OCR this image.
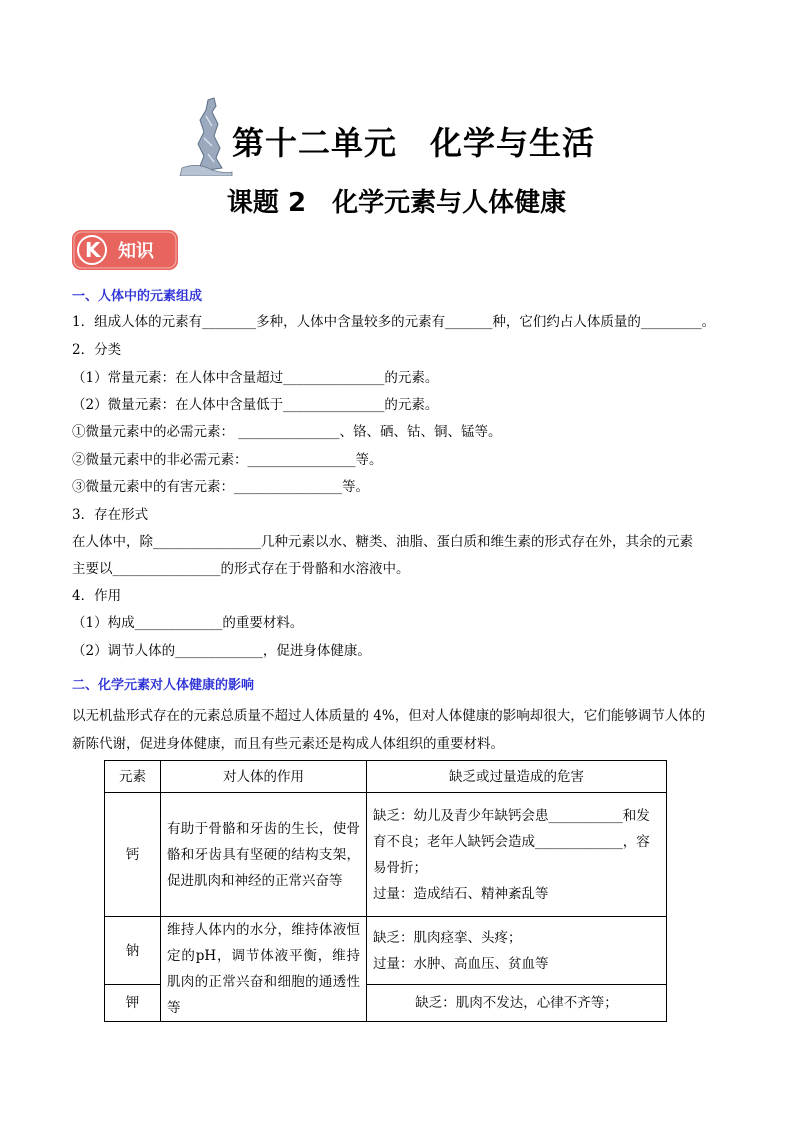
第十二单元　化学与生活
课题 2　化学元素与人体健康
K 知识
一、人体中的元素组成
1．组成人体的元素有________多种，人体中含量较多的元素有_______种，它们约占人体质量的_________。
2．分类
（1）常量元素：在人体中含量超过_______________的元素。
（2）微量元素：在人体中含量低于_______________的元素。
①微量元素中的必需元素： _______________、铬、硒、钴、铜、锰等。
②微量元素中的非必需元素：________________等。
③微量元素中的有害元素：________________等。
3．存在形式
在人体中，除________________几种元素以水、糖类、油脂、蛋白质和维生素的形式存在外，其余的元素
主要以________________的形式存在于骨骼和水溶液中。
4．作用
（1）构成_____________的重要材料。
（2）调节人体的_____________，促进身体健康。
二、化学元素对人体健康的影响
以无机盐形式存在的元素总质量不超过人体质量的 4%，但对人体健康的影响却很大，它们能够调节人体的
新陈代谢，促进身体健康，而且有些元素还是构成人体组织的重要材料。
元素	对人体的作用	缺乏或过量造成的危害
钙	有助于骨骼和牙齿的生长，使骨骼和牙齿具有坚硬的结构支架，促进肌肉和神经的正常兴奋等	缺乏：幼儿及青少年缺钙会患___________和发
育不良；老年人缺钙会造成_____________，容
易骨折；
过量：造成结石、精神紊乱等

钠	维持人体内的水分，维持体液恒定的pH，调节体液平衡，维持肌肉的正常兴奋和细胞的通透性等	缺乏：肌肉痉挛、头疼；
过量：水肿、高血压、贫血等

钾		缺乏：肌肉不发达，心律不齐等；
